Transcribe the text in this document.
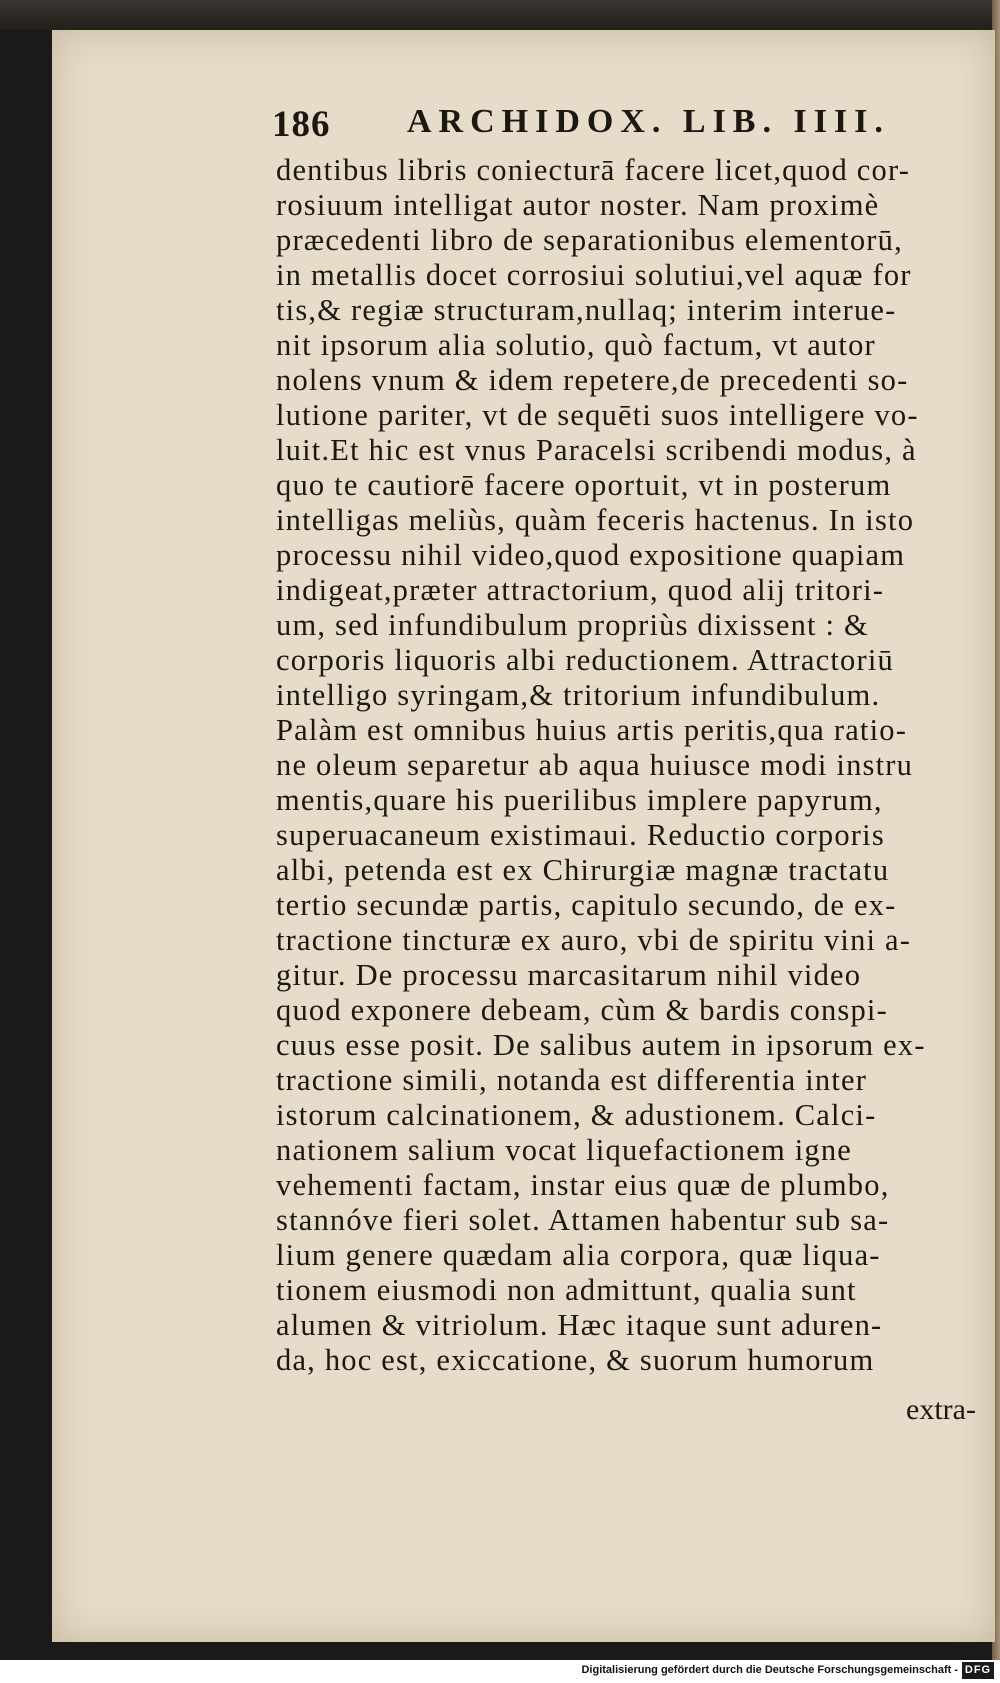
186 ARCHIDOX. LIB. IIII.
dentibus libris coniecturā facere licet,quod cor-
rosiuum intelligat autor noster. Nam proximè
præcedenti libro de separationibus elementorū,
in metallis docet corrosiui solutiui,vel aquæ for
tis,& regiæ structuram,nullaq; interim interue-
nit ipsorum alia solutio, quò factum, vt autor
nolens vnum & idem repetere,de precedenti so-
lutione pariter, vt de sequēti suos intelligere vo-
luit.Et hic est vnus Paracelsi scribendi modus, à
quo te cautiorē facere oportuit, vt in posterum
intelligas meliùs, quàm feceris hactenus. In isto
processu nihil video,quod expositione quapiam
indigeat,præter attractorium, quod alij tritori-
um, sed infundibulum propriùs dixissent : &
corporis liquoris albi reductionem. Attractoriū
intelligo syringam,& tritorium infundibulum.
Palàm est omnibus huius artis peritis,qua ratio-
ne oleum separetur ab aqua huiusce modi instru
mentis,quare his puerilibus implere papyrum,
superuacaneum existimaui. Reductio corporis
albi, petenda est ex Chirurgiæ magnæ tractatu
tertio secundæ partis, capitulo secundo, de ex-
tractione tincturæ ex auro, vbi de spiritu vini a-
gitur. De processu marcasitarum nihil video
quod exponere debeam, cùm & bardis conspi-
cuus esse posit. De salibus autem in ipsorum ex-
tractione simili, notanda est differentia inter
istorum calcinationem, & adustionem. Calci-
nationem salium vocat liquefactionem igne
vehementi factam, instar eius quæ de plumbo,
stannóve fieri solet. Attamen habentur sub sa-
lium genere quædam alia corpora, quæ liqua-
tionem eiusmodi non admittunt, qualia sunt
alumen & vitriolum. Hæc itaque sunt aduren-
da, hoc est, exiccatione, & suorum humorum
extra-
Digitalisierung gefördert durch die Deutsche Forschungsgemeinschaft - DFG
